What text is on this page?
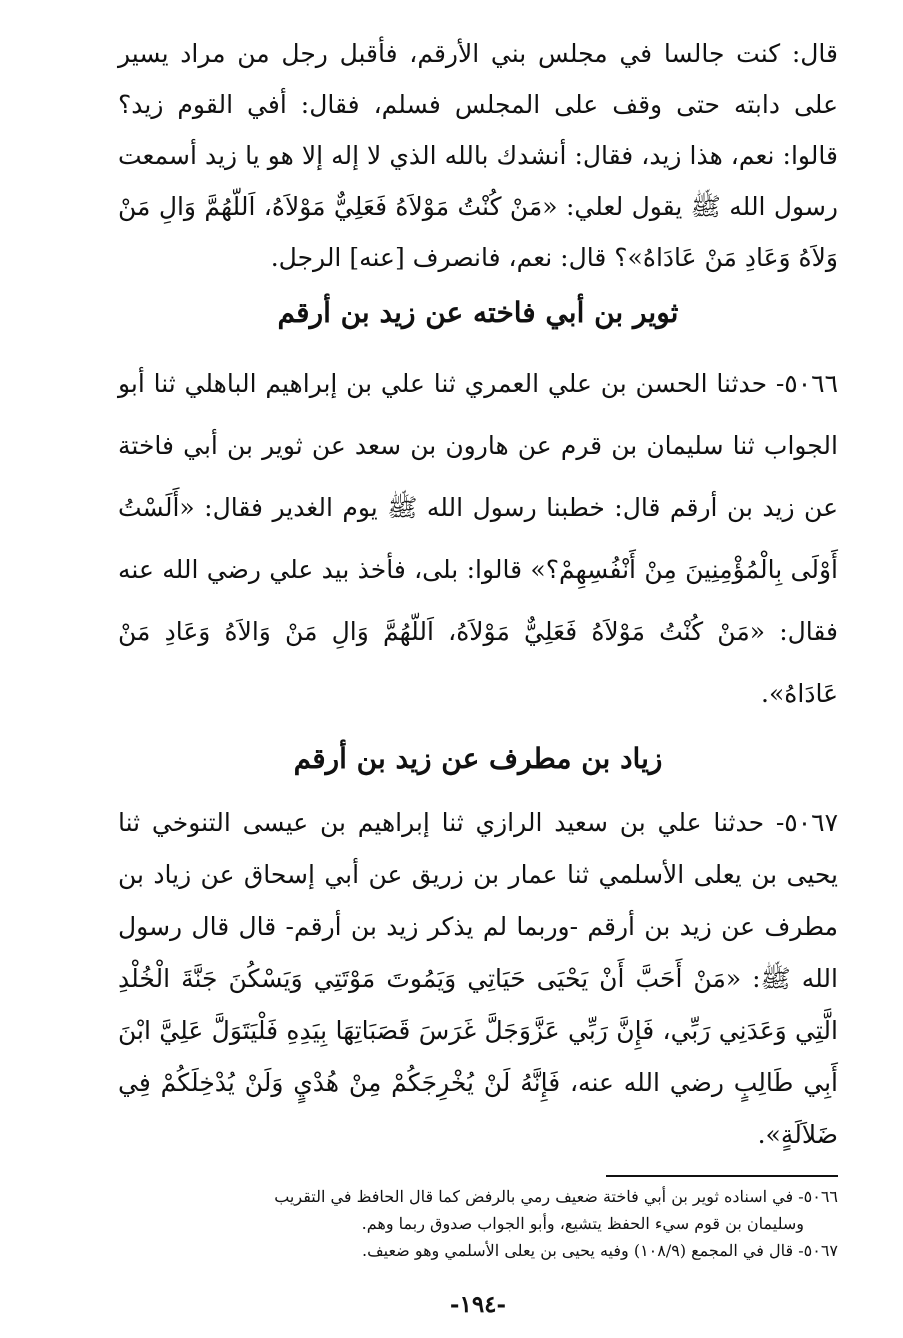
قال: كنت جالسا في مجلس بني الأرقم، فأقبل رجل من مراد يسير على دابته حتى وقف على المجلس فسلم، فقال: أفي القوم زيد؟ قالوا: نعم، هذا زيد، فقال: أنشدك بالله الذي لا إله إلا هو يا زيد أسمعت رسول الله ﷺ يقول لعلي: «مَنْ كُنْتُ مَوْلاَهُ فَعَلِيٌّ مَوْلاَهُ، اَللّهُمَّ وَالِ مَنْ وَلاَهُ وَعَادِ مَنْ عَادَاهُ»؟ قال: نعم، فانصرف [عنه] الرجل.

ثوير بن أبي فاخته عن زيد بن أرقم

٥٠٦٦- حدثنا الحسن بن علي العمري ثنا علي بن إبراهيم الباهلي ثنا أبو الجواب ثنا سليمان بن قرم عن هارون بن سعد عن ثوير بن أبي فاختة عن زيد بن أرقم قال: خطبنا رسول الله ﷺ يوم الغدير فقال: «أَلَسْتُ أَوْلَى بِالْمُؤْمِنِينَ مِنْ أَنْفُسِهِمْ؟» قالوا: بلى، فأخذ بيد علي رضي الله عنه فقال: «مَنْ كُنْتُ مَوْلاَهُ فَعَلِيٌّ مَوْلاَهُ، اَللّهُمَّ وَالِ مَنْ وَالاَهُ وَعَادِ مَنْ عَادَاهُ».

زياد بن مطرف عن زيد بن أرقم

٥٠٦٧- حدثنا علي بن سعيد الرازي ثنا إبراهيم بن عيسى التنوخي ثنا يحيى بن يعلى الأسلمي ثنا عمار بن زريق عن أبي إسحاق عن زياد بن مطرف عن زيد بن أرقم -وربما لم يذكر زيد بن أرقم- قال قال رسول الله ﷺ: «مَنْ أَحَبَّ أَنْ يَحْيَى حَيَاتِي وَيَمُوتَ مَوْتَتِي وَيَسْكُنَ جَنَّةَ الْخُلْدِ الَّتِي وَعَدَنِي رَبِّي، فَإِنَّ رَبِّي عَزَّوَجَلَّ غَرَسَ قَصَبَاتِهَا بِيَدِهِ فَلْيَتَوَلَّ عَلِيَّ ابْنَ أَبِي طَالِبٍ رضي الله عنه، فَإِنَّهُ لَنْ يُخْرِجَكُمْ مِنْ هُدْيٍ وَلَنْ يُدْخِلَكُمْ فِي ضَلاَلَةٍ».

٥٠٦٦- في اسناده ثوير بن أبي فاختة ضعيف رمي بالرفض كما قال الحافظ في التقريب

وسليمان بن قوم سيء الحفظ يتشيع، وأبو الجواب صدوق ربما وهم.

٥٠٦٧- قال في المجمع (١٠٨/٩) وفيه يحيى بن يعلى الأسلمي وهو ضعيف.

-١٩٤-
